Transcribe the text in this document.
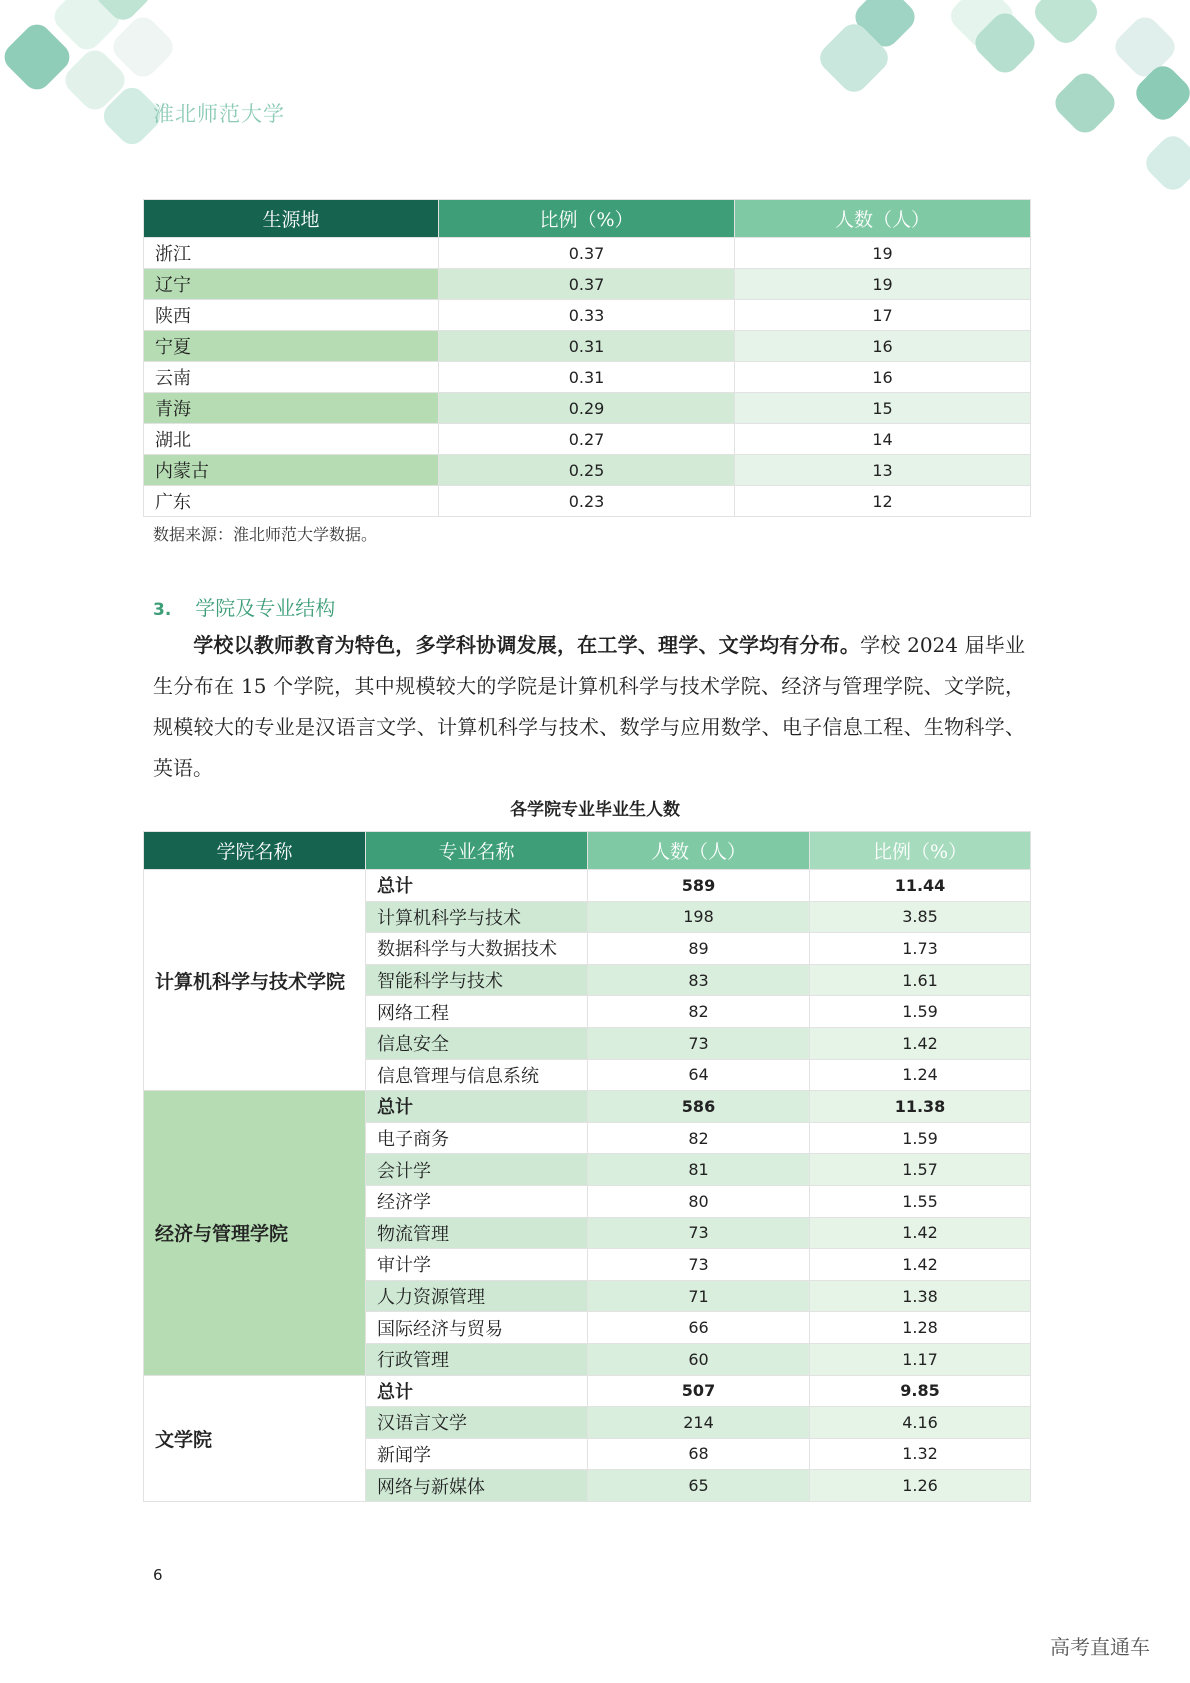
淮北师范大学
生源地	比例（%）	人数（人）
浙江	0.37	19
辽宁	0.37	19
陕西	0.33	17
宁夏	0.31	16
云南	0.31	16
青海	0.29	15
湖北	0.27	14
内蒙古	0.25	13
广东	0.23	12
数据来源：淮北师范大学数据。
3. 学院及专业结构
学校以教师教育为特色，多学科协调发展，在工学、理学、文学均有分布。学校 2024 届毕业生分布在 15 个学院，其中规模较大的学院是计算机科学与技术学院、经济与管理学院、文学院，规模较大的专业是汉语言文学、计算机科学与技术、数学与应用数学、电子信息工程、生物科学、英语。
各学院专业毕业生人数
学院名称	专业名称	人数（人）	比例（%）
计算机科学与技术学院	总计	589	11.44
	计算机科学与技术	198	3.85
	数据科学与大数据技术	89	1.73
	智能科学与技术	83	1.61
	网络工程	82	1.59
	信息安全	73	1.42
	信息管理与信息系统	64	1.24
经济与管理学院	总计	586	11.38
	电子商务	82	1.59
	会计学	81	1.57
	经济学	80	1.55
	物流管理	73	1.42
	审计学	73	1.42
	人力资源管理	71	1.38
	国际经济与贸易	66	1.28
	行政管理	60	1.17
文学院	总计	507	9.85
	汉语言文学	214	4.16
	新闻学	68	1.32
	网络与新媒体	65	1.26
6
高考直通车
